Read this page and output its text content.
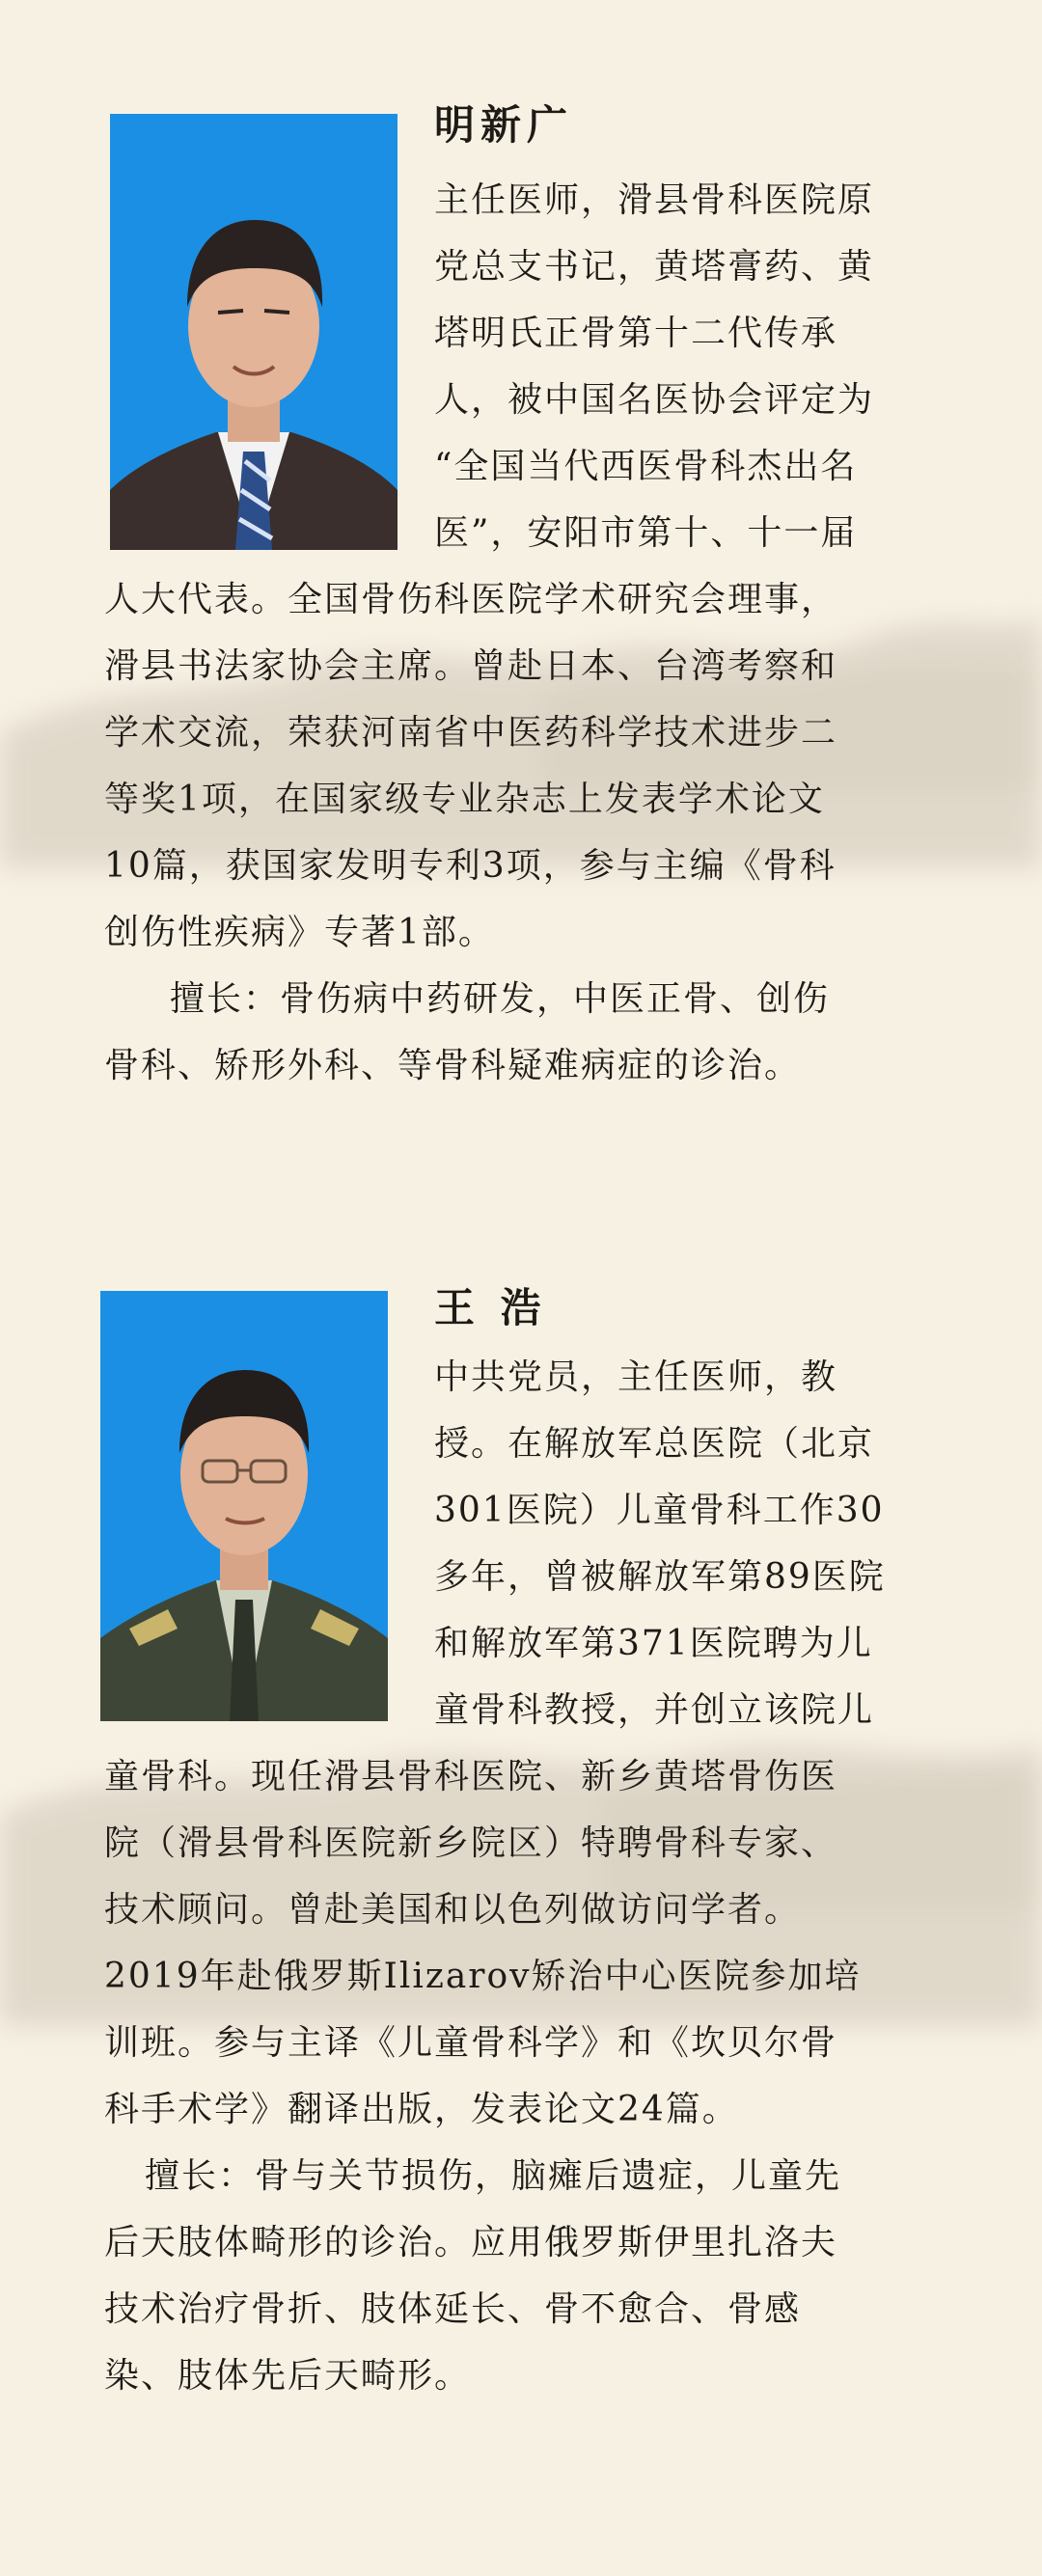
明新广

主任医师，滑县骨科医院原

党总支书记，黄塔膏药、黄

塔明氏正骨第十二代传承

人，被中国名医协会评定为

“全国当代西医骨科杰出名

医”，安阳市第十、十一届

人大代表。全国骨伤科医院学术研究会理事，

滑县书法家协会主席。曾赴日本、台湾考察和

学术交流，荣获河南省中医药科学技术进步二

等奖1项，在国家级专业杂志上发表学术论文

10篇，获国家发明专利3项，参与主编《骨科

创伤性疾病》专著1部。

擅长：骨伤病中药研发，中医正骨、创伤

骨科、矫形外科、等骨科疑难病症的诊治。

王 浩

中共党员，主任医师，教

授。在解放军总医院（北京

301医院）儿童骨科工作30

多年，曾被解放军第89医院

和解放军第371医院聘为儿

童骨科教授，并创立该院儿

童骨科。现任滑县骨科医院、新乡黄塔骨伤医

院（滑县骨科医院新乡院区）特聘骨科专家、

技术顾问。曾赴美国和以色列做访问学者。

2019年赴俄罗斯Ilizarov矫治中心医院参加培

训班。参与主译《儿童骨科学》和《坎贝尔骨

科手术学》翻译出版，发表论文24篇。

擅长：骨与关节损伤，脑瘫后遗症，儿童先

后天肢体畸形的诊治。应用俄罗斯伊里扎洛夫

技术治疗骨折、肢体延长、骨不愈合、骨感

染、肢体先后天畸形。
